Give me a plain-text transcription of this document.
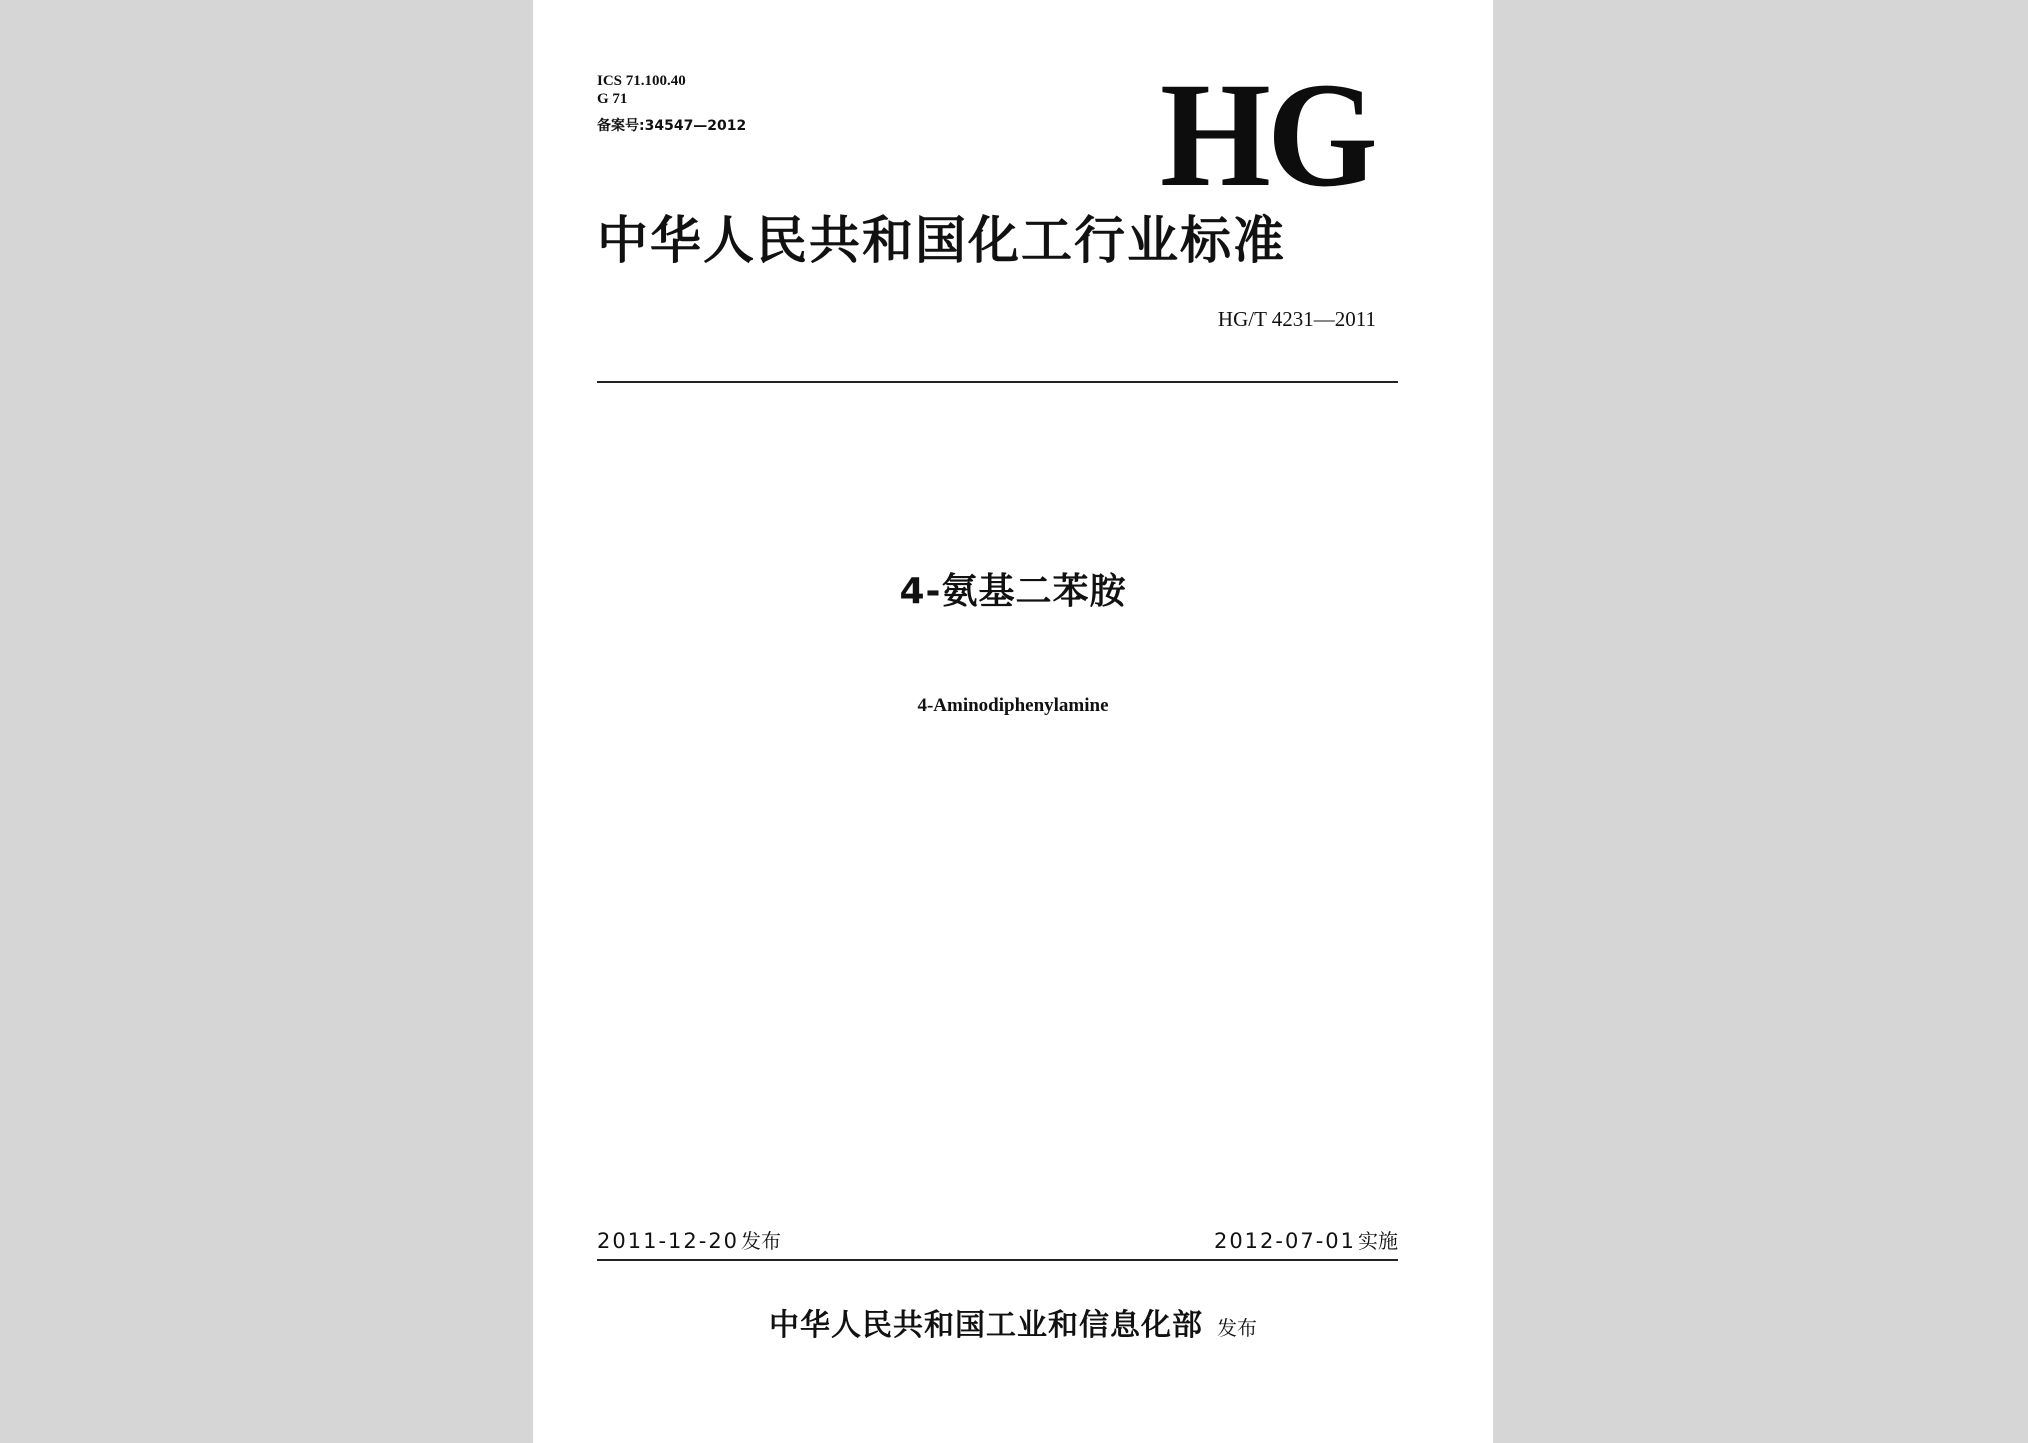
ICS 71.100.40
G 71
备案号:34547—2012	HG
中华人民共和国化工行业标准
HG/T 4231—2011
4-氨基二苯胺
4-Aminodiphenylamine
2011-12-20 发布	2012-07-01 实施
中华人民共和国工业和信息化部 发布
